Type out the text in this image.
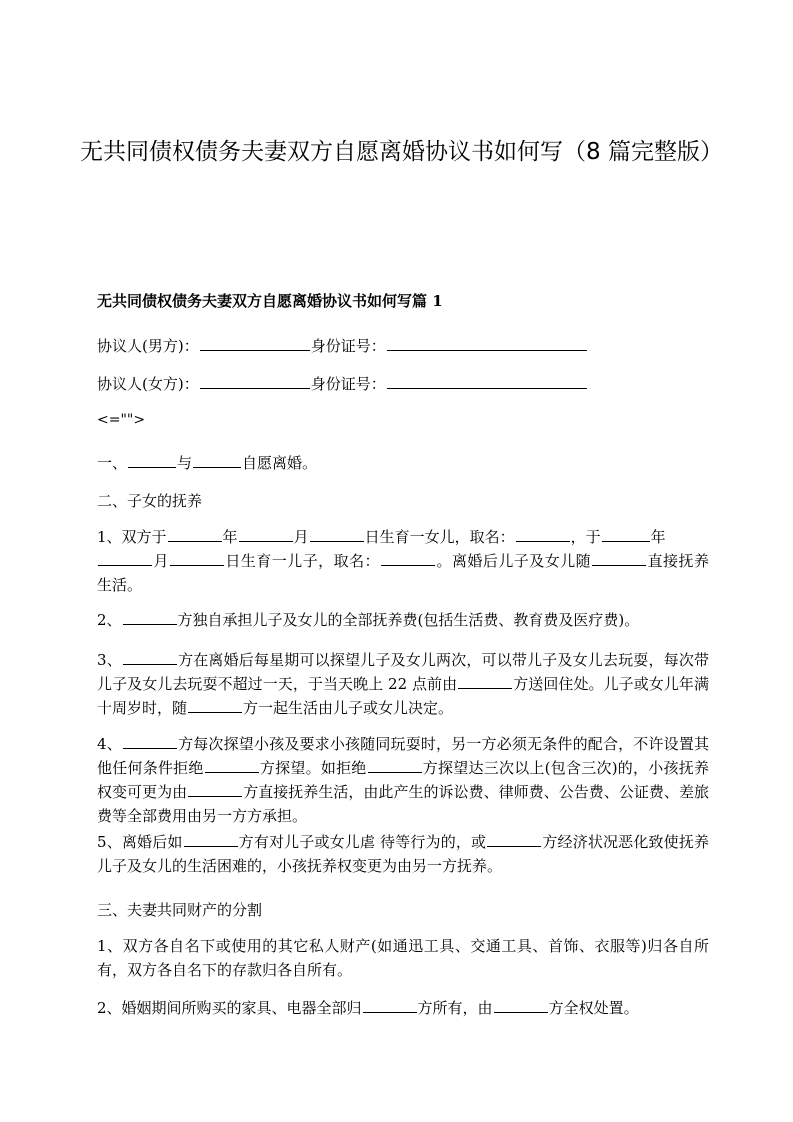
无共同债权债务夫妻双方自愿离婚协议书如何写（8 篇完整版）
无共同债权债务夫妻双方自愿离婚协议书如何写篇 1

协议人(男方)：	身份证号：

协议人(女方)：	身份证号：

<="">

一、	与	自愿离婚。

二、子女的抚养

1、双方于	年	月	日生育一女儿，取名：	，于	年
月	日生育一儿子，取名：	。离婚后儿子及女儿随	直接抚养生活。

2、	方独自承担儿子及女儿的全部抚养费(包括生活费、教育费及医疗费)。

3、	方在离婚后每星期可以探望儿子及女儿两次，可以带儿子及女儿去玩耍，每次带儿子及女儿去玩耍不超过一天，于当天晚上 22 点前由	方送回住处。儿子或女儿年满十周岁时，随	方一起生活由儿子或女儿决定。

4、	方每次探望小孩及要求小孩随同玩耍时，另一方必须无条件的配合，不许设置其他任何条件拒绝	方探望。如拒绝	方探望达三次以上(包含三次)的，小孩抚养权变可更为由	方直接抚养生活，由此产生的诉讼费、律师费、公告费、公证费、差旅费等全部费用由另一方方承担。

5、离婚后如	方有对儿子或女儿虐 待等行为的，或	方经济状况恶化致使抚养儿子及女儿的生活困难的，小孩抚养权变更为由另一方抚养。

三、夫妻共同财产的分割

1、双方各自名下或使用的其它私人财产(如通迅工具、交通工具、首饰、衣服等)归各自所有，双方各自名下的存款归各自所有。

2、婚姻期间所购买的家具、电器全部归	方所有，由	方全权处置。
